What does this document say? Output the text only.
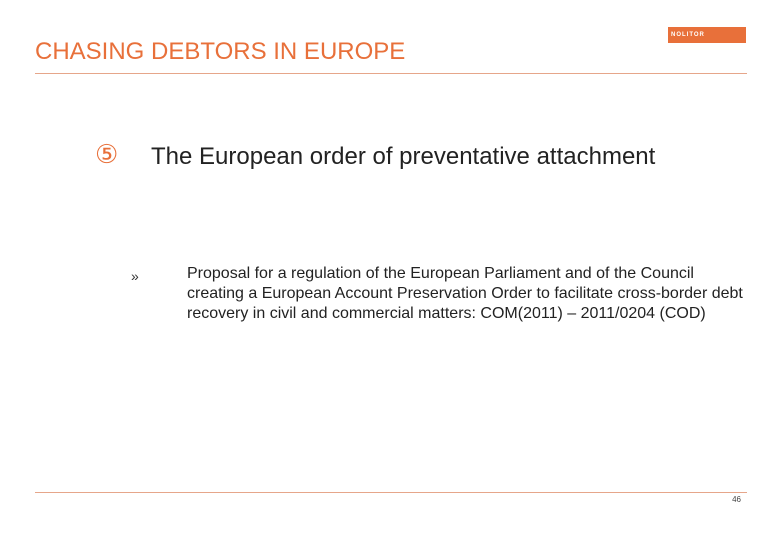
NOLITOR
CHASING DEBTORS IN EUROPE
⑤ The European order of preventative attachment
»	Proposal for a regulation of the European Parliament and of the Council creating a European Account Preservation Order to facilitate cross-border debt recovery in civil and commercial matters: COM(2011) – 2011/0204 (COD)
46
